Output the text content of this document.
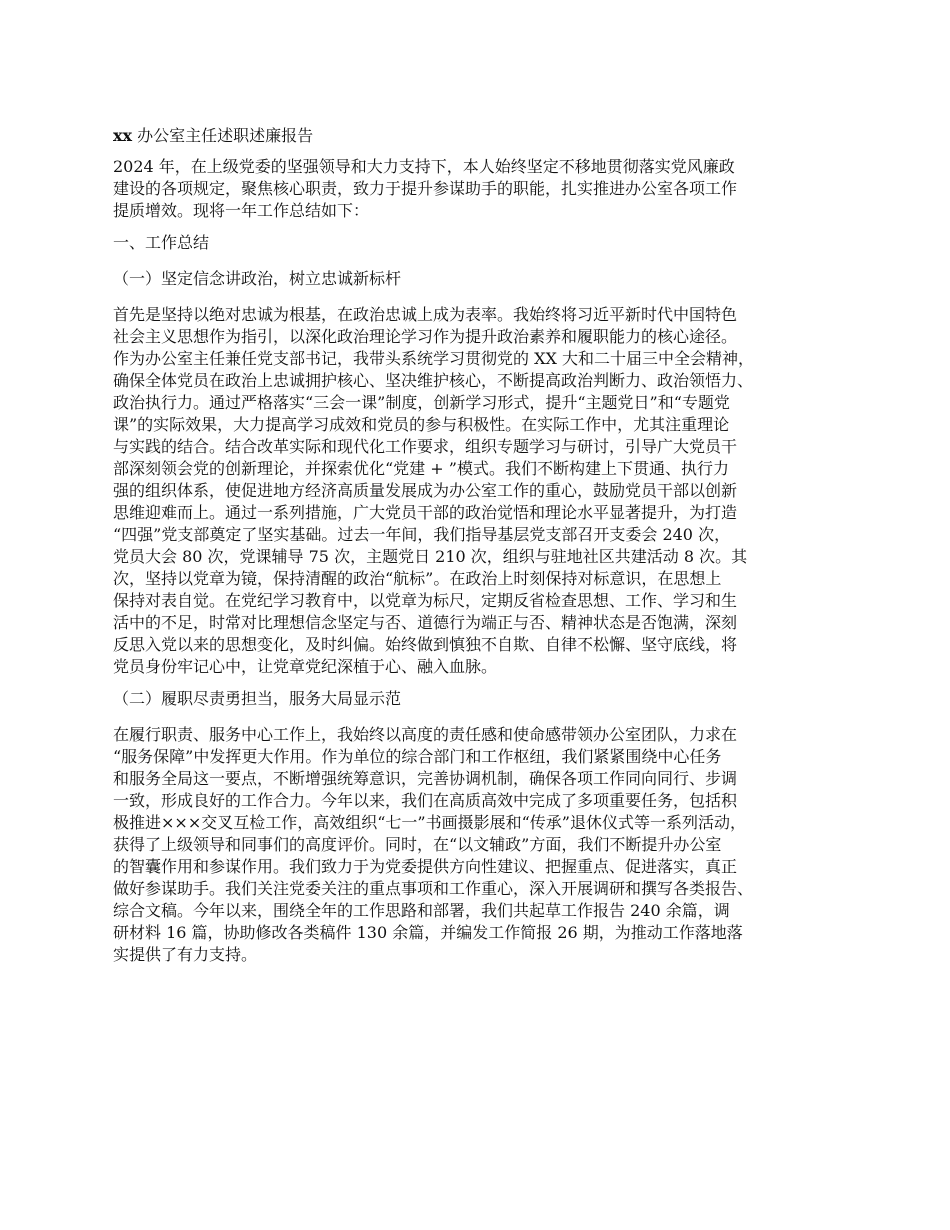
xx 办公室主任述职述廉报告
2024 年，在上级党委的坚强领导和大力支持下，本人始终坚定不移地贯彻落实党风廉政
建设的各项规定，聚焦核心职责，致力于提升参谋助手的职能，扎实推进办公室各项工作
提质增效。现将一年工作总结如下：
一、工作总结
（一）坚定信念讲政治，树立忠诚新标杆
首先是坚持以绝对忠诚为根基，在政治忠诚上成为表率。我始终将习近平新时代中国特色
社会主义思想作为指引，以深化政治理论学习作为提升政治素养和履职能力的核心途径。
作为办公室主任兼任党支部书记，我带头系统学习贯彻党的 XX 大和二十届三中全会精神，
确保全体党员在政治上忠诚拥护核心、坚决维护核心，不断提高政治判断力、政治领悟力、
政治执行力。通过严格落实“三会一课”制度，创新学习形式，提升“主题党日”和“专题党
课”的实际效果，大力提高学习成效和党员的参与积极性。在实际工作中，尤其注重理论
与实践的结合。结合改革实际和现代化工作要求，组织专题学习与研讨，引导广大党员干
部深刻领会党的创新理论，并探索优化“党建 + ”模式。我们不断构建上下贯通、执行力
强的组织体系，使促进地方经济高质量发展成为办公室工作的重心，鼓励党员干部以创新
思维迎难而上。通过一系列措施，广大党员干部的政治觉悟和理论水平显著提升，为打造
“四强”党支部奠定了坚实基础。过去一年间，我们指导基层党支部召开支委会 240 次，
党员大会 80 次，党课辅导 75 次，主题党日 210 次，组织与驻地社区共建活动 8 次。其
次，坚持以党章为镜，保持清醒的政治“航标”。在政治上时刻保持对标意识，在思想上
保持对表自觉。在党纪学习教育中，以党章为标尺，定期反省检查思想、工作、学习和生
活中的不足，时常对比理想信念坚定与否、道德行为端正与否、精神状态是否饱满，深刻
反思入党以来的思想变化，及时纠偏。始终做到慎独不自欺、自律不松懈、坚守底线，将
党员身份牢记心中，让党章党纪深植于心、融入血脉。
（二）履职尽责勇担当，服务大局显示范
在履行职责、服务中心工作上，我始终以高度的责任感和使命感带领办公室团队，力求在
“服务保障”中发挥更大作用。作为单位的综合部门和工作枢纽，我们紧紧围绕中心任务
和服务全局这一要点，不断增强统筹意识，完善协调机制，确保各项工作同向同行、步调
一致，形成良好的工作合力。今年以来，我们在高质高效中完成了多项重要任务，包括积
极推进×××交叉互检工作，高效组织“七一”书画摄影展和“传承”退休仪式等一系列活动，
获得了上级领导和同事们的高度评价。同时，在“以文辅政”方面，我们不断提升办公室
的智囊作用和参谋作用。我们致力于为党委提供方向性建议、把握重点、促进落实，真正
做好参谋助手。我们关注党委关注的重点事项和工作重心，深入开展调研和撰写各类报告、
综合文稿。今年以来，围绕全年的工作思路和部署，我们共起草工作报告 240 余篇，调
研材料 16 篇，协助修改各类稿件 130 余篇，并编发工作简报 26 期，为推动工作落地落
实提供了有力支持。
